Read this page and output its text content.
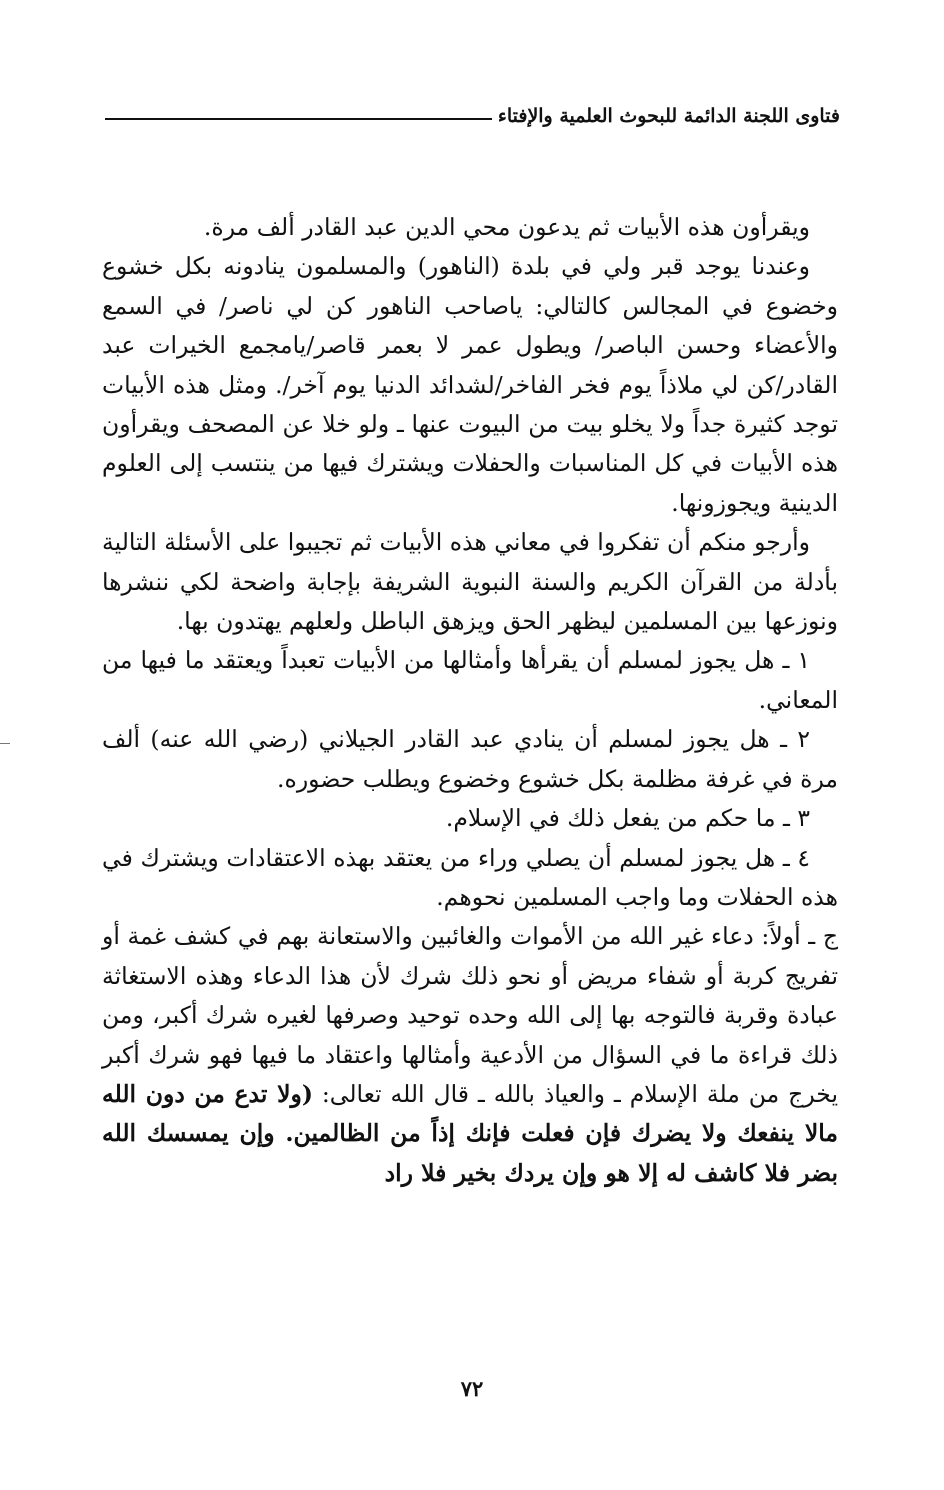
فتاوى اللجنة الدائمة للبحوث العلمية والإفتاء

ويقرأون هذه الأبيات ثم يدعون محي الدين عبد القادر ألف مرة.

وعندنا يوجد قبر ولي في بلدة (الناهور) والمسلمون ينادونه بكل خشوع وخضوع في المجالس كالتالي: ياصاحب الناهور كن لي ناصر/ في السمع والأعضاء وحسن الباصر/ ويطول عمر لا بعمر قاصر/يامجمع الخيرات عبد القادر/كن لي ملاذاً يوم فخر الفاخر/لشدائد الدنيا يوم آخر/. ومثل هذه الأبيات توجد كثيرة جداً ولا يخلو بيت من البيوت عنها ـ ولو خلا عن المصحف ويقرأون هذه الأبيات في كل المناسبات والحفلات ويشترك فيها من ينتسب إلى العلوم الدينية ويجوزونها.

وأرجو منكم أن تفكروا في معاني هذه الأبيات ثم تجيبوا على الأسئلة التالية بأدلة من القرآن الكريم والسنة النبوية الشريفة بإجابة واضحة لكي ننشرها ونوزعها بين المسلمين ليظهر الحق ويزهق الباطل ولعلهم يهتدون بها.

١ ـ هل يجوز لمسلم أن يقرأها وأمثالها من الأبيات تعبداً ويعتقد ما فيها من المعاني.

٢ ـ هل يجوز لمسلم أن ينادي عبد القادر الجيلاني (رضي الله عنه) ألف مرة في غرفة مظلمة بكل خشوع وخضوع ويطلب حضوره.

٣ ـ ما حكم من يفعل ذلك في الإسلام.

٤ ـ هل يجوز لمسلم أن يصلي وراء من يعتقد بهذه الاعتقادات ويشترك في هذه الحفلات وما واجب المسلمين نحوهم.

ج ـ أولاً: دعاء غير الله من الأموات والغائبين والاستعانة بهم في كشف غمة أو تفريج كربة أو شفاء مريض أو نحو ذلك شرك لأن هذا الدعاء وهذه الاستغاثة عبادة وقربة فالتوجه بها إلى الله وحده توحيد وصرفها لغيره شرك أكبر، ومن ذلك قراءة ما في السؤال من الأدعية وأمثالها واعتقاد ما فيها فهو شرك أكبر يخرج من ملة الإسلام ـ والعياذ بالله ـ قال الله تعالى: (ولا تدع من دون الله مالا ينفعك ولا يضرك فإن فعلت فإنك إذاً من الظالمين. وإن يمسسك الله بضر فلا كاشف له إلا هو وإن يردك بخير فلا راد

٧٢
